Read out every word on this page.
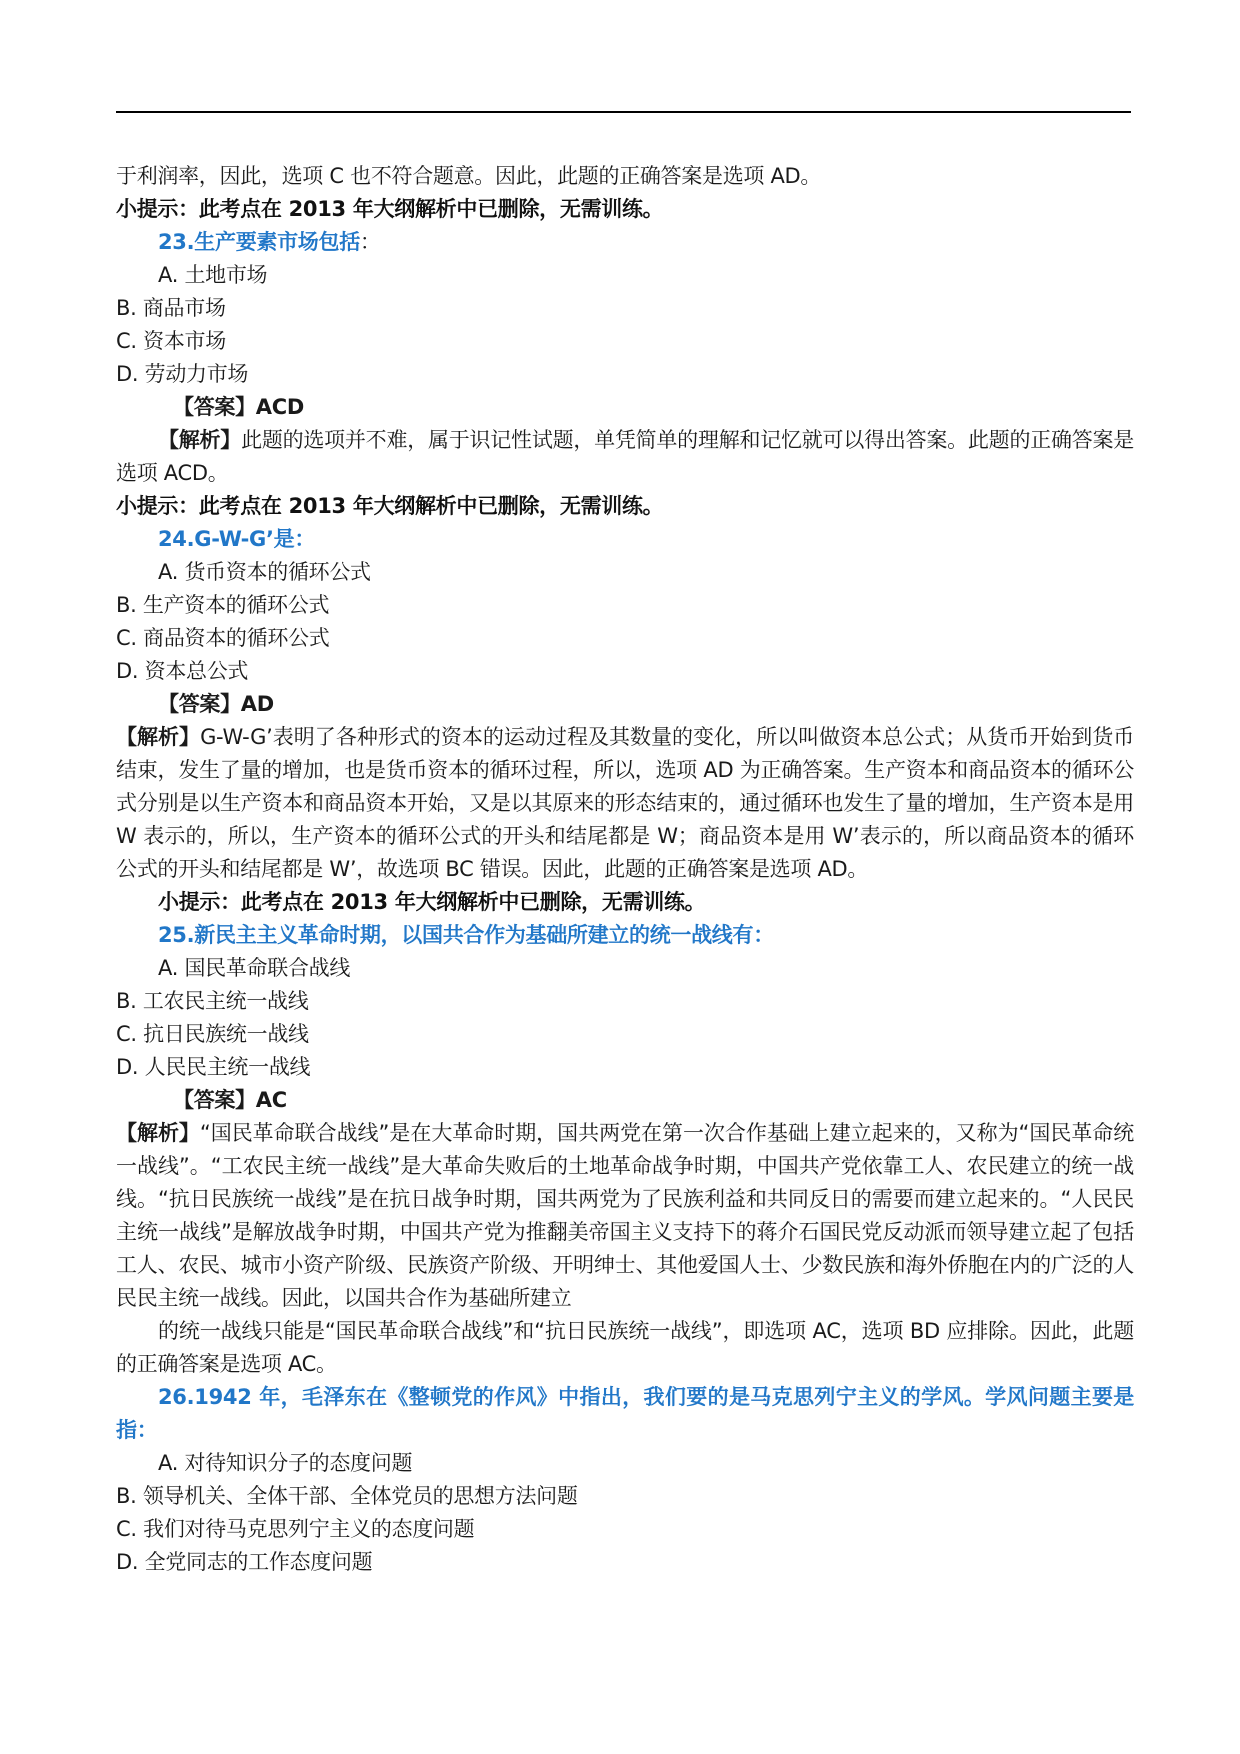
于利润率，因此，选项 C 也不符合题意。因此，此题的正确答案是选项 AD。
小提示：此考点在 2013 年大纲解析中已删除，无需训练。
23.生产要素市场包括：
A. 土地市场
B. 商品市场
C. 资本市场
D. 劳动力市场
【答案】ACD
【解析】此题的选项并不难，属于识记性试题，单凭简单的理解和记忆就可以得出答案。此题的正确答案是选项 ACD。
小提示：此考点在 2013 年大纲解析中已删除，无需训练。
24.G-W-G’是：
A. 货币资本的循环公式
B. 生产资本的循环公式
C. 商品资本的循环公式
D. 资本总公式
【答案】AD
【解析】G-W-G’表明了各种形式的资本的运动过程及其数量的变化，所以叫做资本总公式；从货币开始到货币结束，发生了量的增加，也是货币资本的循环过程，所以，选项 AD 为正确答案。生产资本和商品资本的循环公式分别是以生产资本和商品资本开始，又是以其原来的形态结束的，通过循环也发生了量的增加，生产资本是用 W 表示的，所以，生产资本的循环公式的开头和结尾都是 W；商品资本是用 W’表示的，所以商品资本的循环公式的开头和结尾都是 W’，故选项 BC 错误。因此，此题的正确答案是选项 AD。
小提示：此考点在 2013 年大纲解析中已删除，无需训练。
25.新民主主义革命时期，以国共合作为基础所建立的统一战线有：
A. 国民革命联合战线
B. 工农民主统一战线
C. 抗日民族统一战线
D. 人民民主统一战线
【答案】AC
【解析】“国民革命联合战线”是在大革命时期，国共两党在第一次合作基础上建立起来的，又称为“国民革命统一战线”。“工农民主统一战线”是大革命失败后的土地革命战争时期，中国共产党依靠工人、农民建立的统一战线。“抗日民族统一战线”是在抗日战争时期，国共两党为了民族利益和共同反日的需要而建立起来的。“人民民主统一战线”是解放战争时期，中国共产党为推翻美帝国主义支持下的蒋介石国民党反动派而领导建立起了包括工人、农民、城市小资产阶级、民族资产阶级、开明绅士、其他爱国人士、少数民族和海外侨胞在内的广泛的人民民主统一战线。因此，以国共合作为基础所建立
的统一战线只能是“国民革命联合战线”和“抗日民族统一战线”，即选项 AC，选项 BD 应排除。因此，此题的正确答案是选项 AC。
26.1942 年，毛泽东在《整顿党的作风》中指出，我们要的是马克思列宁主义的学风。学风问题主要是指：
A. 对待知识分子的态度问题
B. 领导机关、全体干部、全体党员的思想方法问题
C. 我们对待马克思列宁主义的态度问题
D. 全党同志的工作态度问题
